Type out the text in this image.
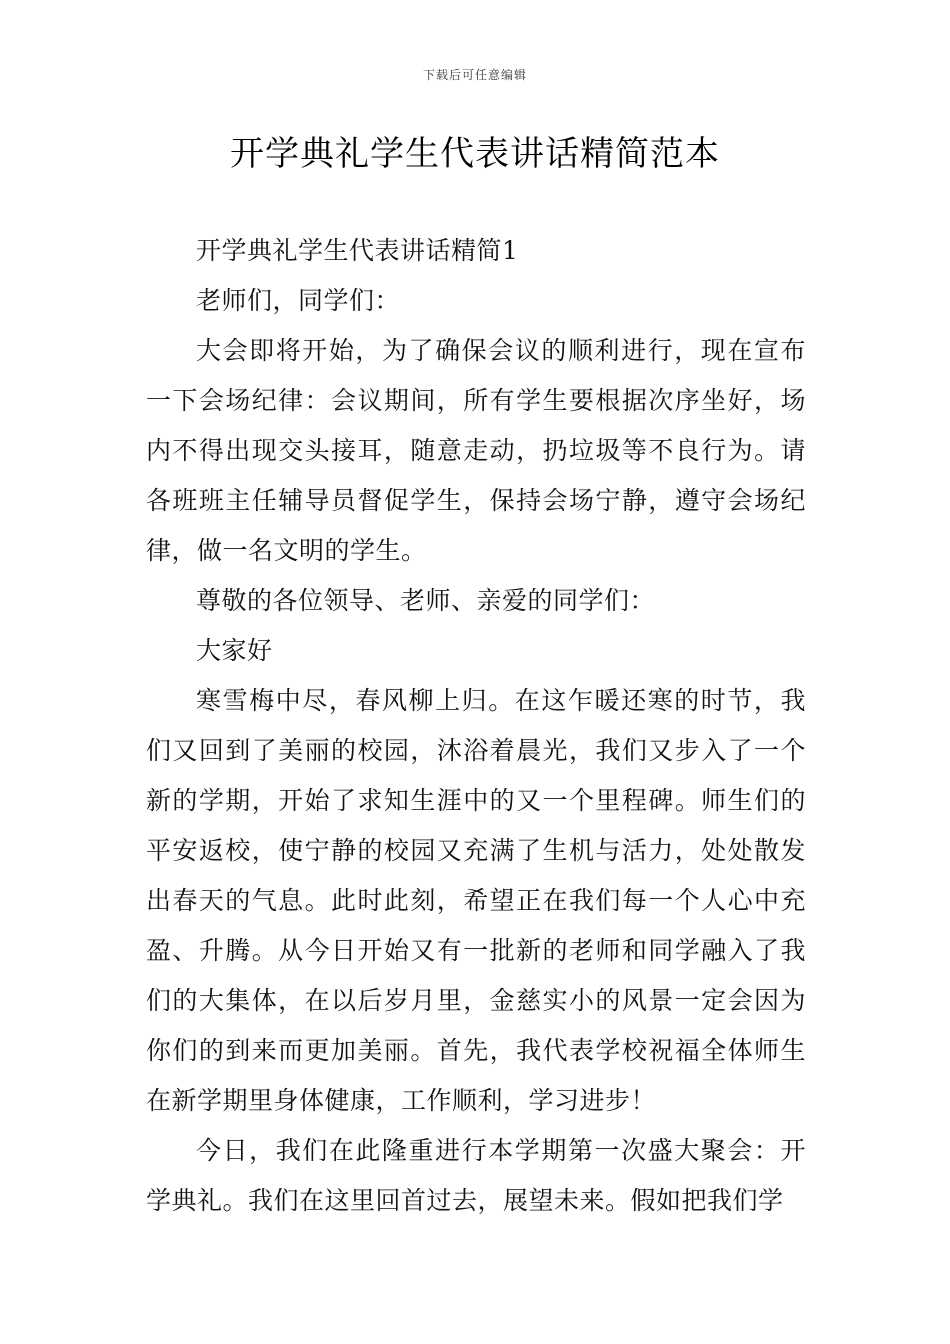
下载后可任意编辑
开学典礼学生代表讲话精简范本

开学典礼学生代表讲话精简1

老师们，同学们：

大会即将开始，为了确保会议的顺利进行，现在宣布一下会场纪律：会议期间，所有学生要根据次序坐好，场内不得出现交头接耳，随意走动，扔垃圾等不良行为。请各班班主任辅导员督促学生，保持会场宁静，遵守会场纪律，做一名文明的学生。

尊敬的各位领导、老师、亲爱的同学们：

大家好

寒雪梅中尽，春风柳上归。在这乍暖还寒的时节，我们又回到了美丽的校园，沐浴着晨光，我们又步入了一个新的学期，开始了求知生涯中的又一个里程碑。师生们的平安返校，使宁静的校园又充满了生机与活力，处处散发出春天的气息。此时此刻，希望正在我们每一个人心中充盈、升腾。从今日开始又有一批新的老师和同学融入了我们的大集体，在以后岁月里，金慈实小的风景一定会因为你们的到来而更加美丽。首先，我代表学校祝福全体师生在新学期里身体健康，工作顺利，学习进步！

今日，我们在此隆重进行本学期第一次盛大聚会：开学典礼。我们在这里回首过去，展望未来。假如把我们学
